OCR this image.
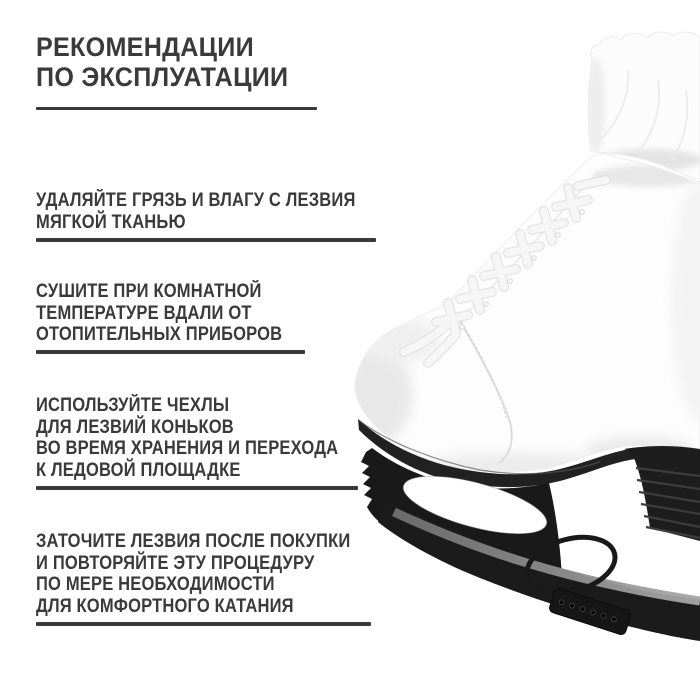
РЕКОМЕНДАЦИИ
ПО ЭКСПЛУАТАЦИИ
УДАЛЯЙТЕ ГРЯЗЬ И ВЛАГУ С ЛЕЗВИЯ
МЯГКОЙ ТКАНЬЮ
СУШИТЕ ПРИ КОМНАТНОЙ
ТЕМПЕРАТУРЕ ВДАЛИ ОТ
ОТОПИТЕЛЬНЫХ ПРИБОРОВ
ИСПОЛЬЗУЙТЕ ЧЕХЛЫ
ДЛЯ ЛЕЗВИЙ КОНЬКОВ
ВО ВРЕМЯ ХРАНЕНИЯ И ПЕРЕХОДА
К ЛЕДОВОЙ ПЛОЩАДКЕ
ЗАТОЧИТЕ ЛЕЗВИЯ ПОСЛЕ ПОКУПКИ
И ПОВТОРЯЙТЕ ЭТУ ПРОЦЕДУРУ
ПО МЕРЕ НЕОБХОДИМОСТИ
ДЛЯ КОМФОРТНОГО КАТАНИЯ
